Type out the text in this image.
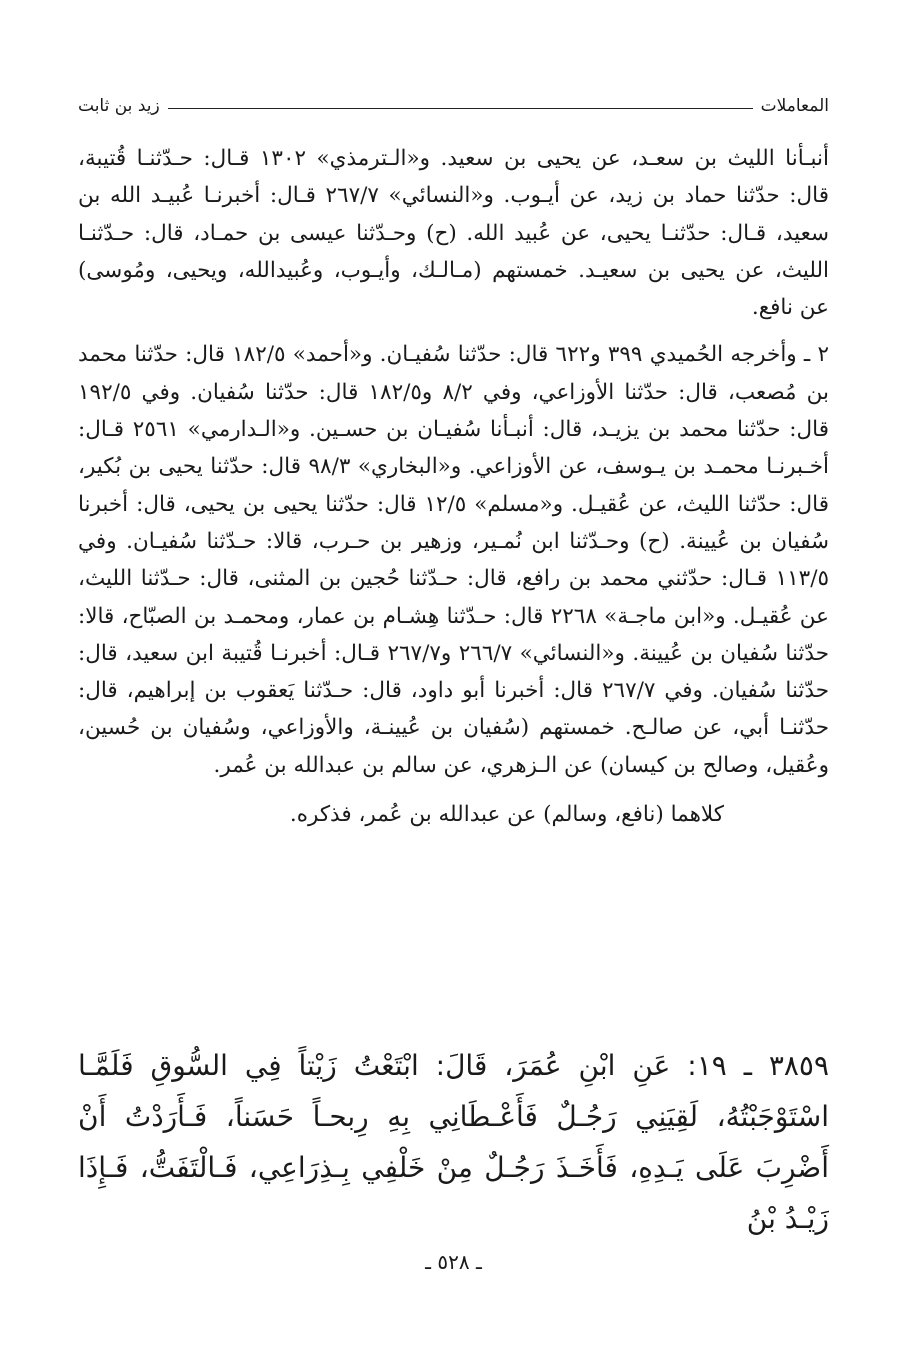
المعاملات
زيد بن ثابت

أنبـأنا الليث بن سعـد، عن يحيى بن سعيد. و«الـترمذي» ١٣٠٢ قـال: حـدّثنـا قُتيبة، قال: حدّثنا حماد بن زيد، عن أيـوب. و«النسائي» ٢٦٧/٧ قـال: أخبرنـا عُبيـد الله بن سعيد، قـال: حدّثنـا يحيى، عن عُبيد الله. (ح) وحـدّثنا عيسى بن حمـاد، قال: حـدّثنـا الليث، عن يحيى بن سعيـد. خمستهم (مـالـك، وأيـوب، وعُبيدالله، ويحيى، ومُوسى) عن نافع.

٢ ـ وأخرجه الحُميدي ٣٩٩ و٦٢٢ قال: حدّثنا سُفيـان. و«أحمد» ١٨٢/٥ قال: حدّثنا محمد بن مُصعب، قال: حدّثنا الأوزاعي، وفي ٨/٢ و١٨٢/٥ قال: حدّثنا سُفيان. وفي ١٩٢/٥ قال: حدّثنا محمد بن يزيـد، قال: أنبـأنا سُفيـان بن حسـين. و«الـدارمي» ٢٥٦١ قـال: أخـبرنـا محمـد بن يـوسف، عن الأوزاعي. و«البخاري» ٩٨/٣ قال: حدّثنا يحيى بن بُكير، قال: حدّثنا الليث، عن عُقيـل. و«مسلم» ١٢/٥ قال: حدّثنا يحيى بن يحيى، قال: أخبرنا سُفيان بن عُيينة. (ح) وحـدّثنا ابن نُمـير، وزهير بن حـرب، قالا: حـدّثنا سُفيـان. وفي ١١٣/٥ قـال: حدّثني محمد بن رافع، قال: حـدّثنا حُجين بن المثنى، قال: حـدّثنا الليث، عن عُقيـل. و«ابن ماجـة» ٢٢٦٨ قال: حـدّثنا هِشـام بن عمار، ومحمـد بن الصبّاح، قالا: حدّثنا سُفيان بن عُيينة. و«النسائي» ٢٦٦/٧ و٢٦٧/٧ قـال: أخبرنـا قُتيبة ابن سعيد، قال: حدّثنا سُفيان. وفي ٢٦٧/٧ قال: أخبرنا أبو داود، قال: حـدّثنا يَعقوب بن إبراهيم، قال: حدّثنـا أبي، عن صالـح. خمستهم (سُفيان بن عُيينـة، والأوزاعي، وسُفيان بن حُسين، وعُقيل، وصالح بن كيسان) عن الـزهري، عن سالم بن عبدالله بن عُمر.

كلاهما (نافع، وسالم) عن عبدالله بن عُمر، فذكره.

٣٨٥٩ ـ ١٩: عَنِ ابْنِ عُمَرَ، قَالَ: ابْتَعْتُ زَيْتاً فِي السُّوقِ فَلَمَّـا اسْتَوْجَبْتُهُ، لَقِيَنِي رَجُـلٌ فَأَعْـطَانِي بِهِ رِبحـاً حَسَناً، فَـأَرَدْتُ أَنْ أَضْرِبَ عَلَى يَـدِهِ، فَأَخَـذَ رَجُـلٌ مِنْ خَلْفِي بِـذِرَاعِي، فَـالْتَفَتُّ، فَـإِذَا زَيْـدُ بْنُ

ـ ٥٢٨ ـ
